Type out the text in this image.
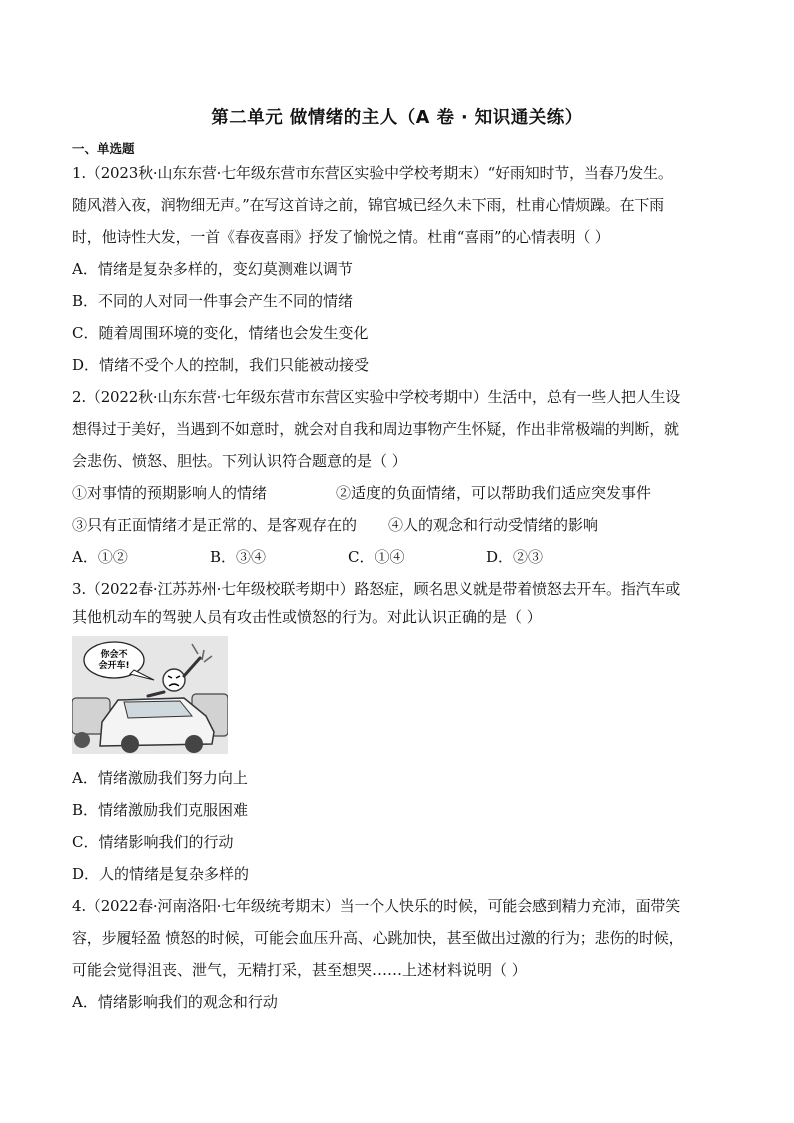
第二单元 做情绪的主人（A 卷 · 知识通关练）
一、单选题
1.（2023秋·山东东营·七年级东营市东营区实验中学校考期末）“好雨知时节，当春乃发生。
随风潜入夜，润物细无声。”在写这首诗之前，锦官城已经久未下雨，杜甫心情烦躁。在下雨
时，他诗性大发，一首《春夜喜雨》抒发了愉悦之情。杜甫“喜雨”的心情表明（ ）
A．情绪是复杂多样的，变幻莫测难以调节
B．不同的人对同一件事会产生不同的情绪
C．随着周围环境的变化，情绪也会发生变化
D．情绪不受个人的控制，我们只能被动接受
2.（2022秋·山东东营·七年级东营市东营区实验中学校考期中）生活中，总有一些人把人生设
想得过于美好，当遇到不如意时，就会对自我和周边事物产生怀疑，作出非常极端的判断，就
会悲伤、愤怒、胆怯。下列认识符合题意的是（ ）
①对事情的预期影响人的情绪	②适度的负面情绪，可以帮助我们适应突发事件
③只有正面情绪才是正常的、是客观存在的 ④人的观念和行动受情绪的影响
A．①②	B．③④	C．①④	D．②③
3.（2022春·江苏苏州·七年级校联考期中）路怒症，顾名思义就是带着愤怒去开车。指汽车或
其他机动车的驾驶人员有攻击性或愤怒的行为。对此认识正确的是（ ）
你会不
会开车!
A．情绪激励我们努力向上
B．情绪激励我们克服困难
C．情绪影响我们的行动
D．人的情绪是复杂多样的
4.（2022春·河南洛阳·七年级统考期末）当一个人快乐的时候，可能会感到精力充沛，面带笑
容，步履轻盈 愤怒的时候，可能会血压升高、心跳加快，甚至做出过激的行为；悲伤的时候，
可能会觉得沮丧、泄气，无精打采，甚至想哭……上述材料说明（ ）
A．情绪影响我们的观念和行动
